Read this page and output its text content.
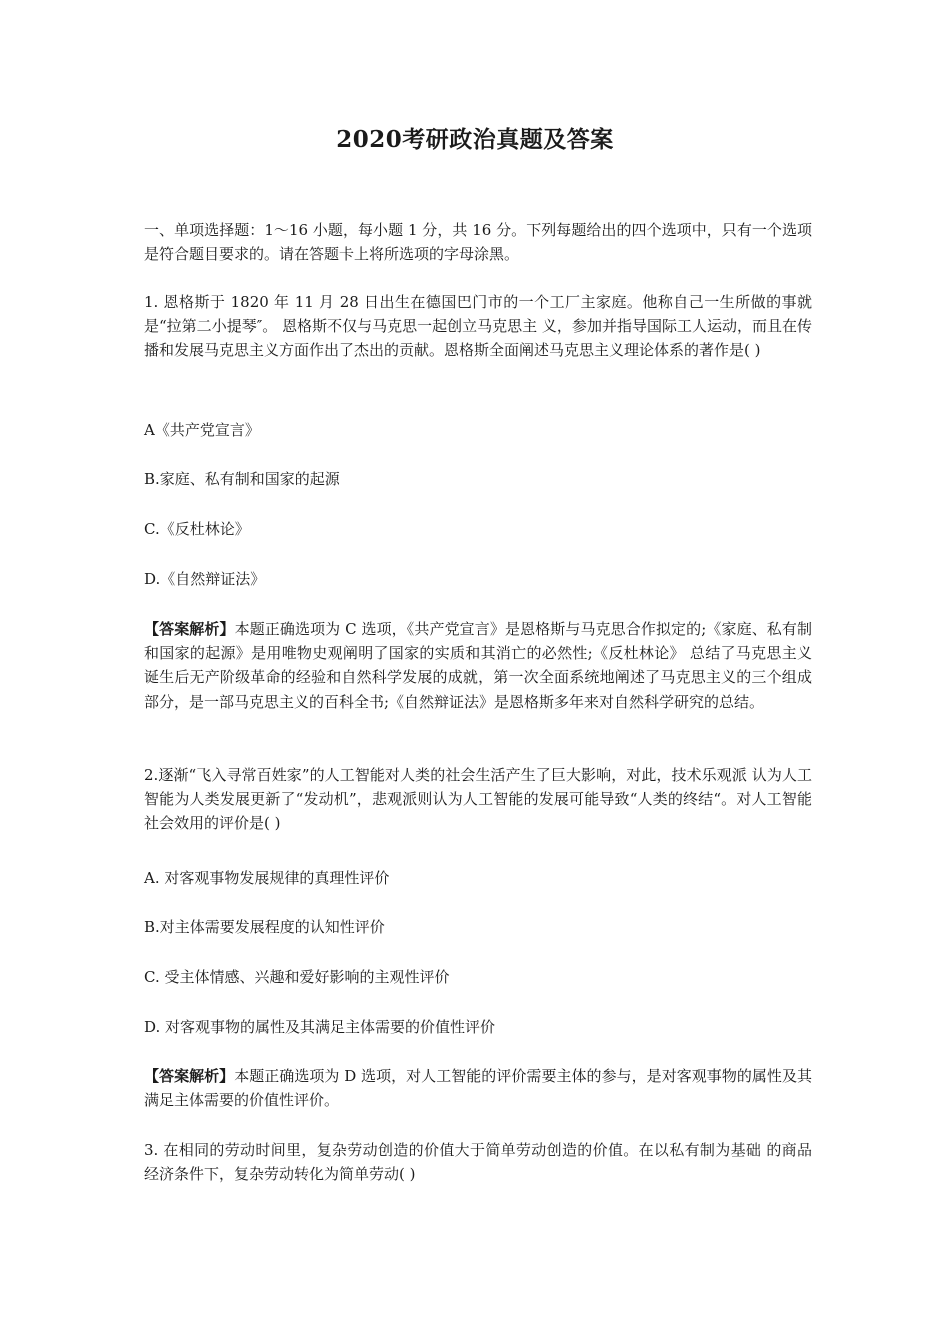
2020考研政治真题及答案

一、单项选择题：1～16 小题，每小题 1 分，共 16 分。下列每题给出的四个选项中，只有一个选项是符合题目要求的。请在答题卡上将所选项的字母涂黑。

1. 恩格斯于 1820 年 11 月 28 日出生在德国巴门市的一个工厂主家庭。他称自己一生所做的事就是“拉第二小提琴″。 恩格斯不仅与马克思一起创立马克思主 义，参加并指导国际工人运动，而且在传播和发展马克思主义方面作出了杰出的贡献。恩格斯全面阐述马克思主义理论体系的著作是( )

A《共产党宣言》

B.家庭、私有制和国家的起源

C.《反杜林论》

D.《自然辩证法》

【答案解析】本题正确选项为 C 选项，《共产党宣言》是恩格斯与马克思合作拟定的;《家庭、私有制和国家的起源》是用唯物史观阐明了国家的实质和其消亡的必然性;《反杜林论》 总结了马克思主义诞生后无产阶级革命的经验和自然科学发展的成就，第一次全面系统地阐述了马克思主义的三个组成部分，是一部马克思主义的百科全书;《自然辩证法》是恩格斯多年来对自然科学研究的总结。

2.逐渐“飞入寻常百姓家”的人工智能对人类的社会生活产生了巨大影响，对此，技术乐观派 认为人工智能为人类发展更新了“发动机”，悲观派则认为人工智能的发展可能导致“人类的终结“。对人工智能社会效用的评价是( )

A. 对客观事物发展规律的真理性评价

B.对主体需要发展程度的认知性评价

C. 受主体情感、兴趣和爱好影响的主观性评价

D. 对客观事物的属性及其满足主体需要的价值性评价

【答案解析】本题正确选项为 D 选项，对人工智能的评价需要主体的参与，是对客观事物的属性及其满足主体需要的价值性评价。

3. 在相同的劳动时间里，复杂劳动创造的价值大于简单劳动创造的价值。在以私有制为基础 的商品经济条件下，复杂劳动转化为简单劳动( )
